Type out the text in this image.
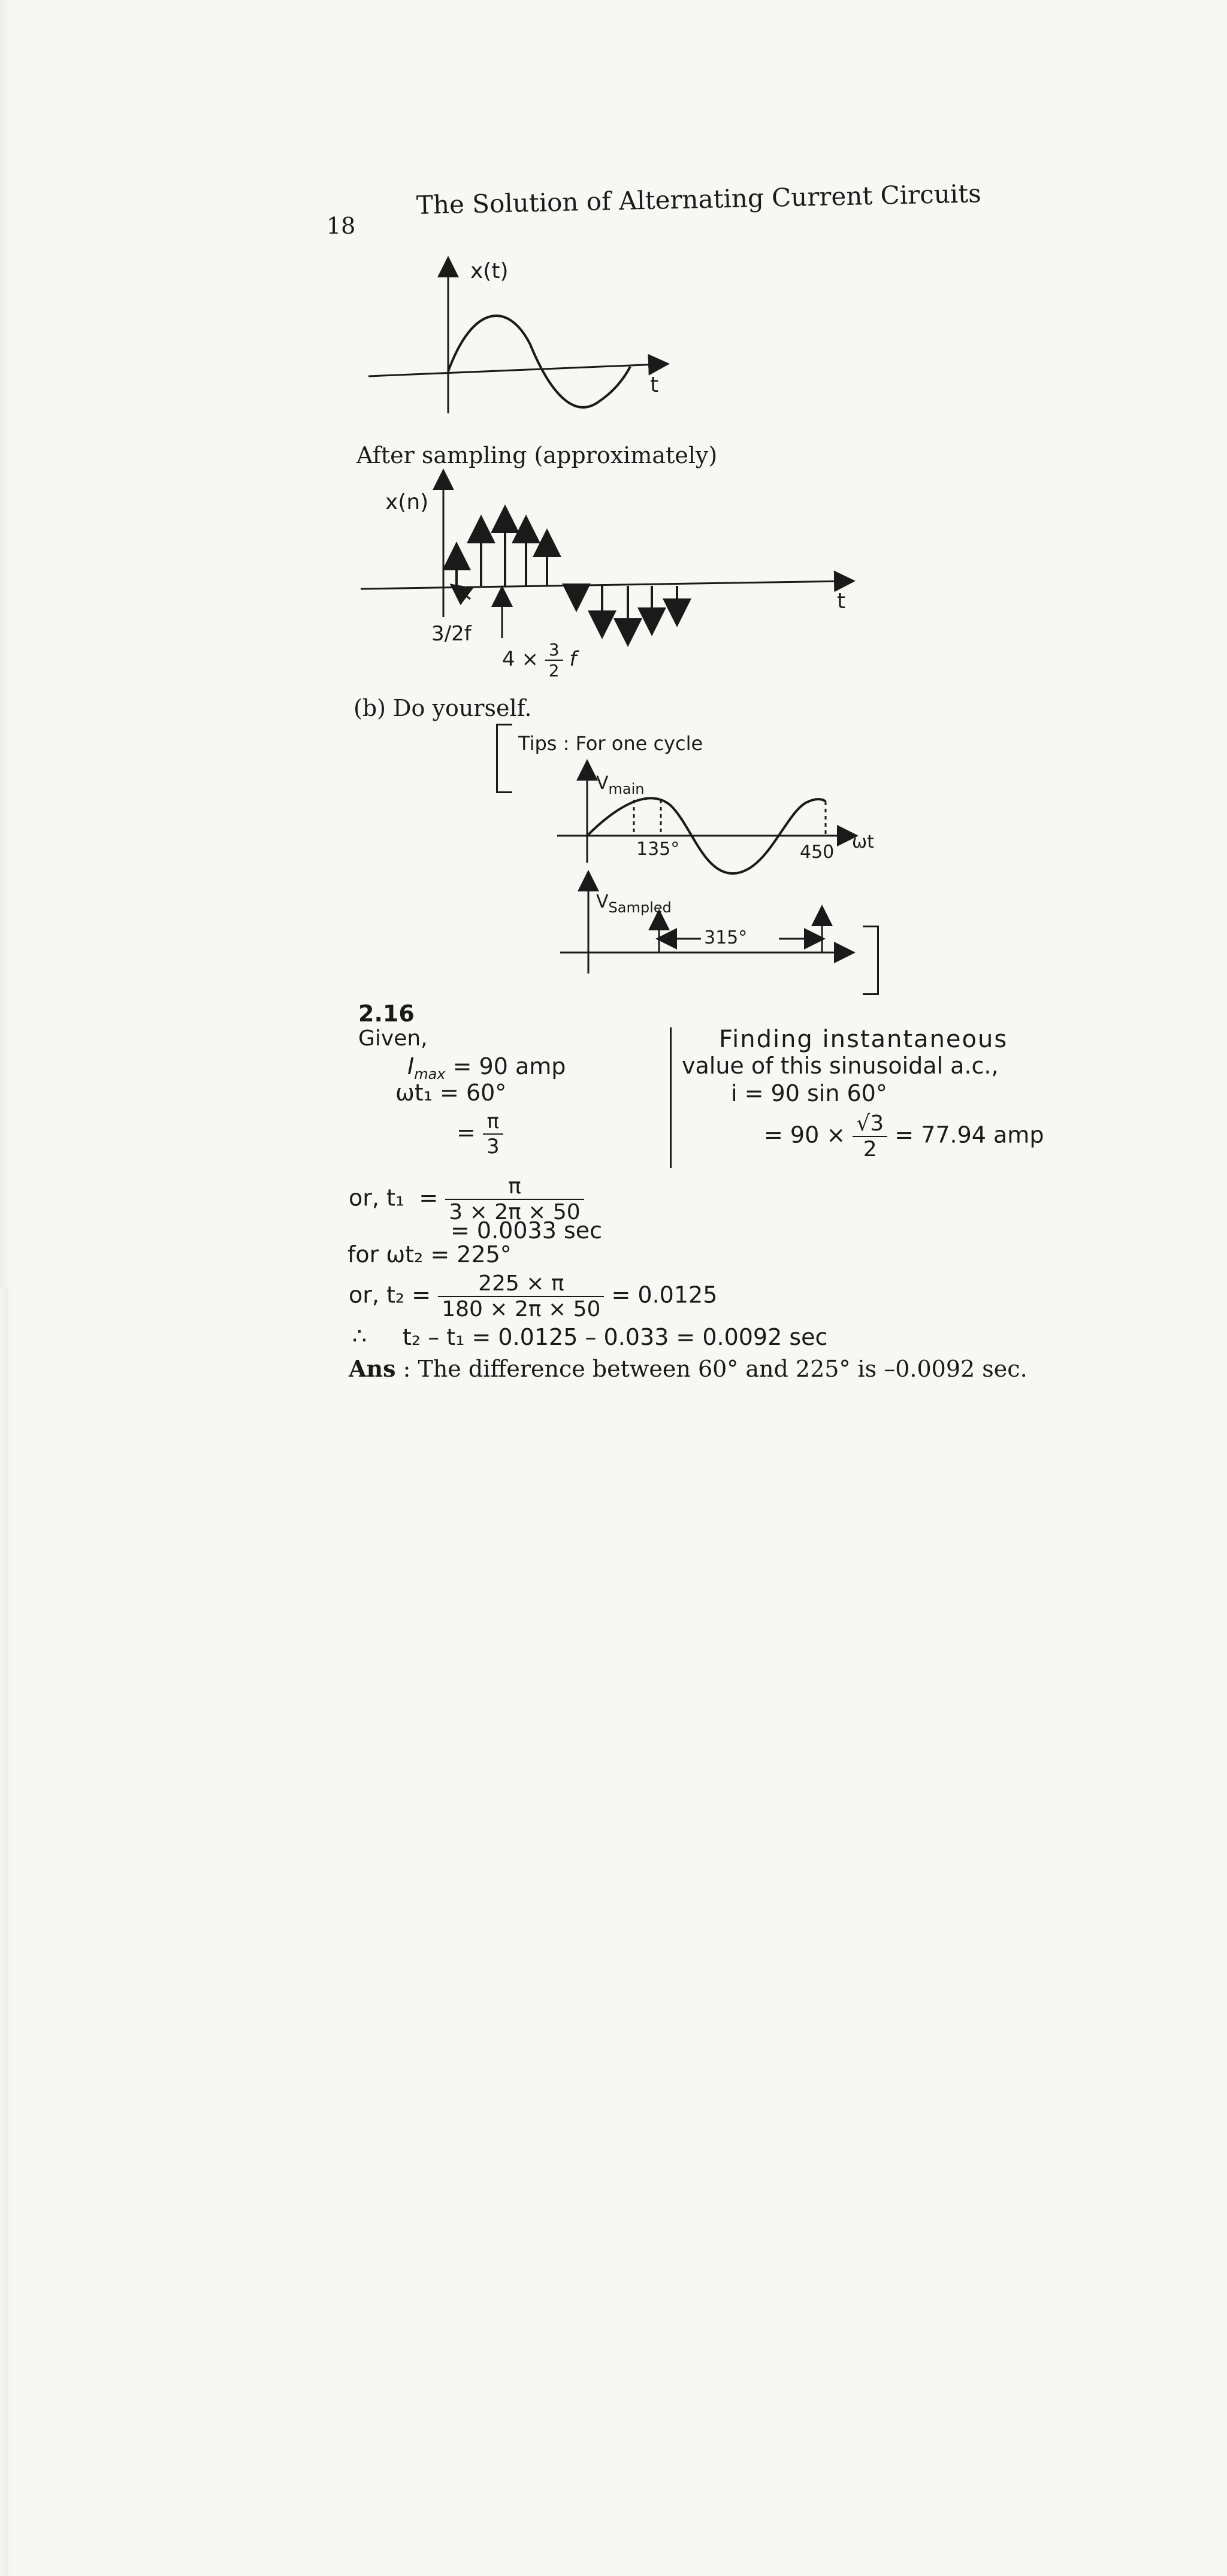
18
The Solution of Alternating Current Circuits
x(t)
t
After sampling (approximately)
x(n)
t
3/2f
$4 \times \frac{3}{2}$ f
(b) Do yourself.
Tips : For one cycle
$V_{main}$
135°	450 ωt
$V_{Sampled}$
315°
2.16
Given,
$I_{max} = 90$ amp
ωt₁ = 60°
= $\frac{\pi}{3}$
Finding instantaneous
value of this sinusoidal a.c.,
i = 90 sin 60°
= $90 \times \frac{√3}{2} = 77.94$ amp
or, $t_1 = \frac{\pi}{3 \times 2\pi \times 50}$
= 0.0033 sec
for ωt₂ = 225°
or, $t_2 = \frac{225 \times \pi}{180 \times 2\pi \times 50} = 0.0125$
∴ t₂ – t₁ = 0.0125 – 0.033 = 0.0092 sec
Ans : The difference between 60° and 225° is –0.0092 sec.
